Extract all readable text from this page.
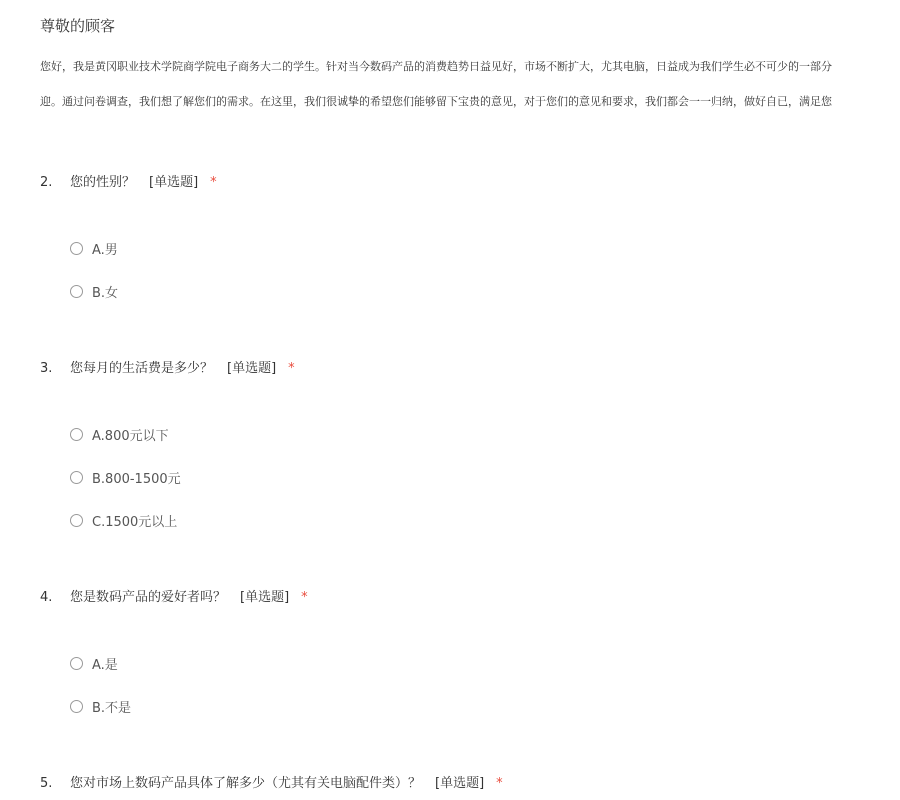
尊敬的顾客
您好，我是黄冈职业技术学院商学院电子商务大二的学生。针对当今数码产品的消费趋势日益见好，市场不断扩大，尤其电脑，日益成为我们学生必不可少的一部分
迎。通过问卷调查，我们想了解您们的需求。在这里，我们很诚挚的希望您们能够留下宝贵的意见，对于您们的意见和要求，我们都会一一归纳，做好自已，满足您
2. 您的性别？ [单选题] *
A.男
B.女
3. 您每月的生活费是多少？ [单选题] *
A.800元以下
B.800-1500元
C.1500元以上
4. 您是数码产品的爱好者吗？ [单选题] *
A.是
B.不是
5. 您对市场上数码产品具体了解多少（尤其有关电脑配件类）？ [单选题] *
